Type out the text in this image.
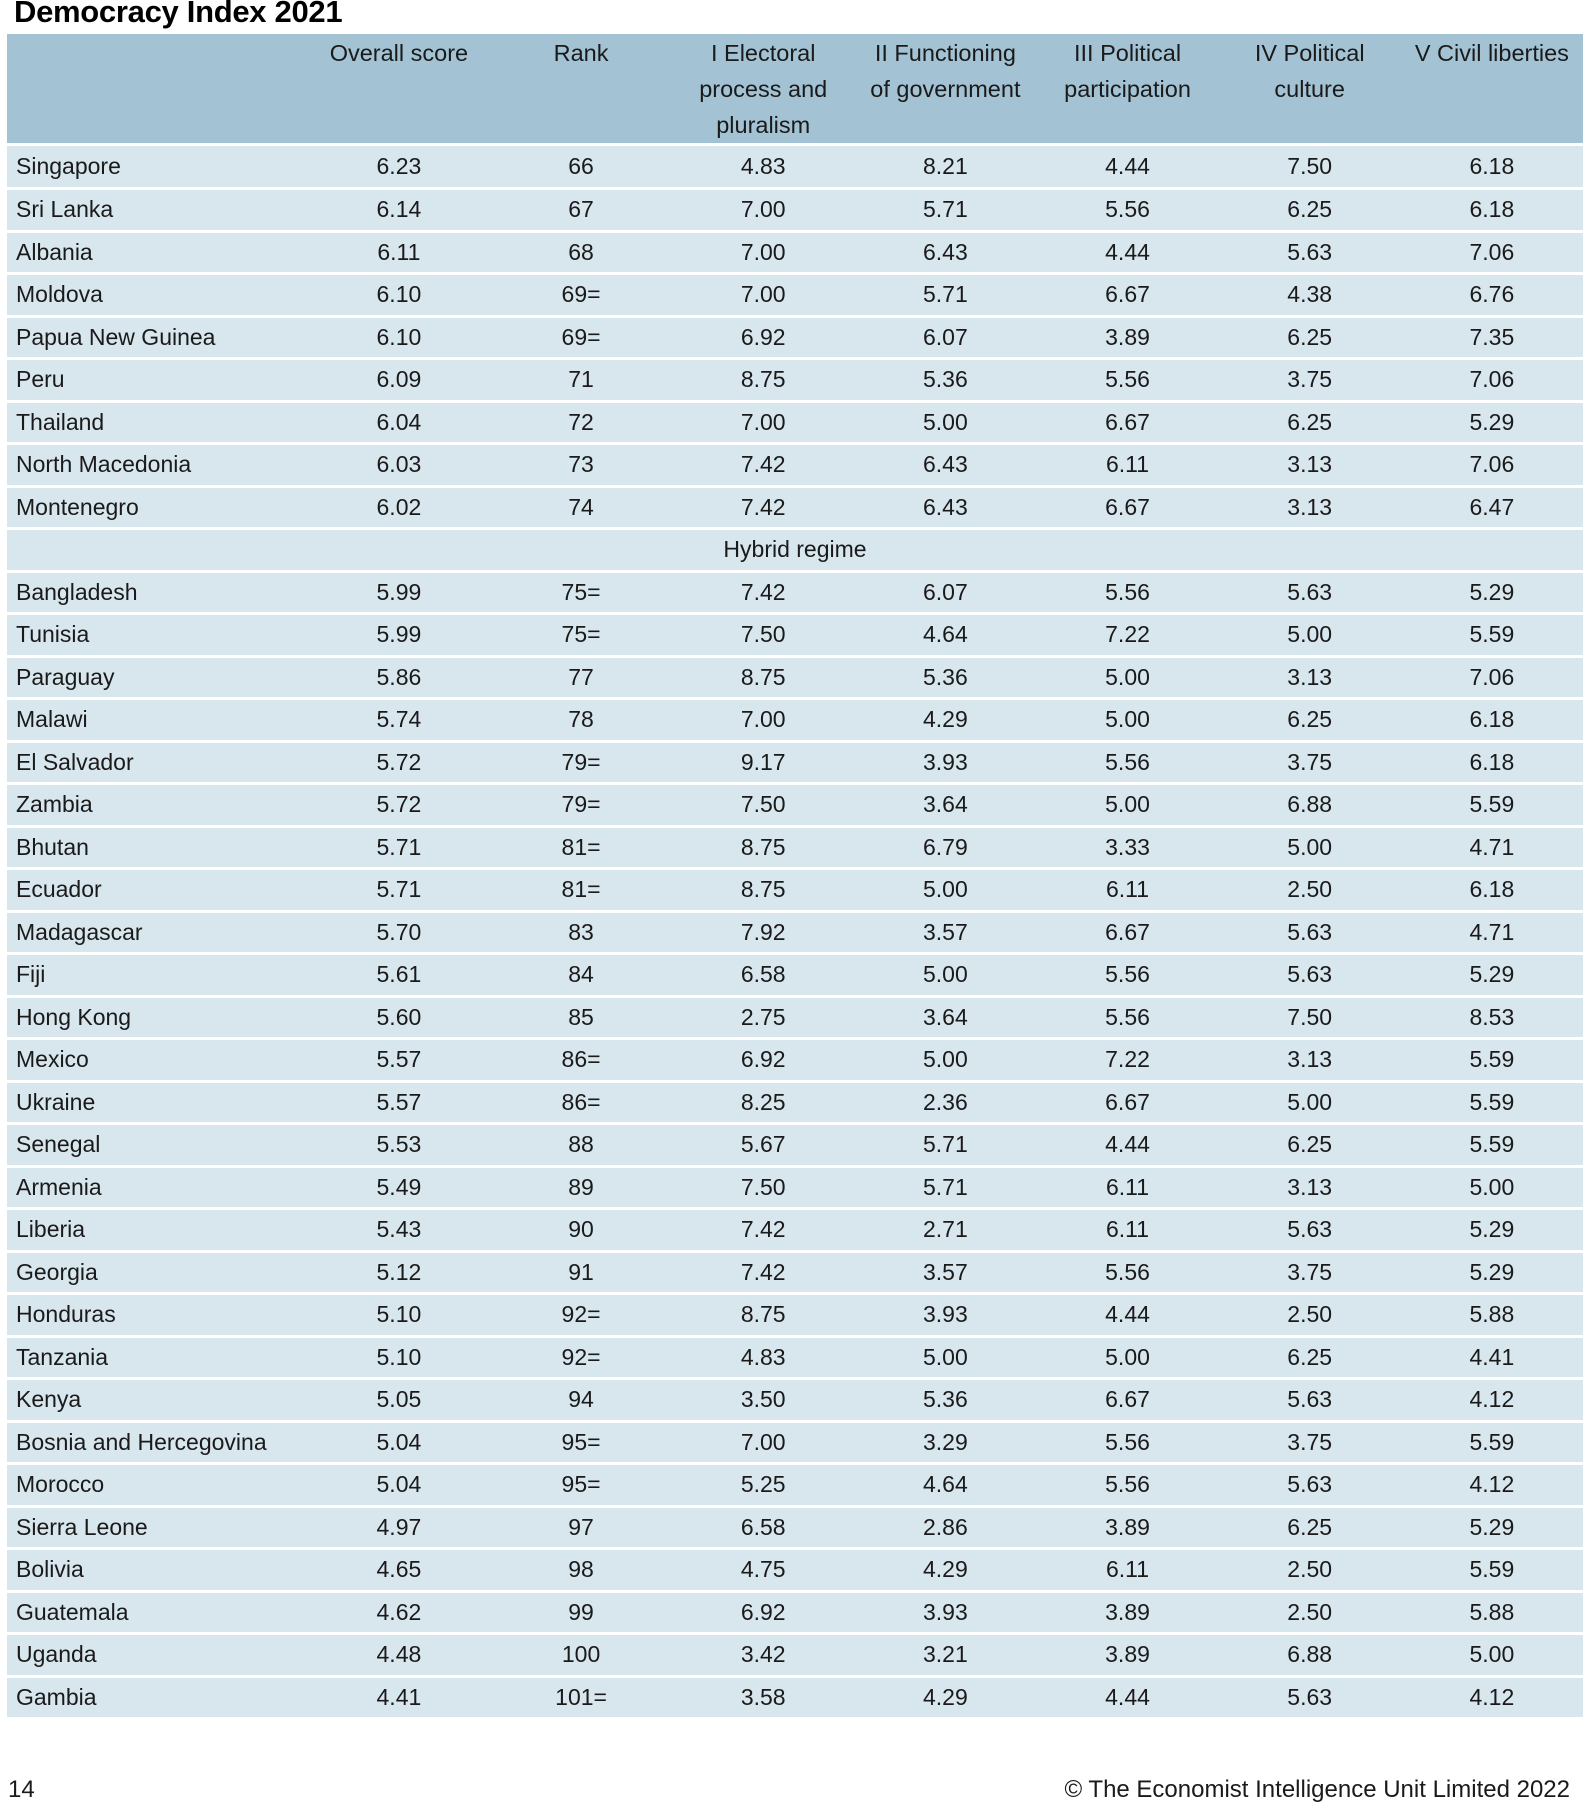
Democracy Index 2021

	Overall score	Rank	I Electoral process and pluralism	II Functioning of government	III Political participation	IV Political culture	V Civil liberties

Singapore	6.23	66	4.83	8.21	4.44	7.50	6.18
Sri Lanka	6.14	67	7.00	5.71	5.56	6.25	6.18
Albania	6.11	68	7.00	6.43	4.44	5.63	7.06
Moldova	6.10	69=	7.00	5.71	6.67	4.38	6.76
Papua New Guinea	6.10	69=	6.92	6.07	3.89	6.25	7.35
Peru	6.09	71	8.75	5.36	5.56	3.75	7.06
Thailand	6.04	72	7.00	5.00	6.67	6.25	5.29
North Macedonia	6.03	73	7.42	6.43	6.11	3.13	7.06
Montenegro	6.02	74	7.42	6.43	6.67	3.13	6.47
Hybrid regime							
Bangladesh	5.99	75=	7.42	6.07	5.56	5.63	5.29
Tunisia	5.99	75=	7.50	4.64	7.22	5.00	5.59
Paraguay	5.86	77	8.75	5.36	5.00	3.13	7.06
Malawi	5.74	78	7.00	4.29	5.00	6.25	6.18
El Salvador	5.72	79=	9.17	3.93	5.56	3.75	6.18
Zambia	5.72	79=	7.50	3.64	5.00	6.88	5.59
Bhutan	5.71	81=	8.75	6.79	3.33	5.00	4.71
Ecuador	5.71	81=	8.75	5.00	6.11	2.50	6.18
Madagascar	5.70	83	7.92	3.57	6.67	5.63	4.71
Fiji	5.61	84	6.58	5.00	5.56	5.63	5.29
Hong Kong	5.60	85	2.75	3.64	5.56	7.50	8.53
Mexico	5.57	86=	6.92	5.00	7.22	3.13	5.59
Ukraine	5.57	86=	8.25	2.36	6.67	5.00	5.59
Senegal	5.53	88	5.67	5.71	4.44	6.25	5.59
Armenia	5.49	89	7.50	5.71	6.11	3.13	5.00
Liberia	5.43	90	7.42	2.71	6.11	5.63	5.29
Georgia	5.12	91	7.42	3.57	5.56	3.75	5.29
Honduras	5.10	92=	8.75	3.93	4.44	2.50	5.88
Tanzania	5.10	92=	4.83	5.00	5.00	6.25	4.41
Kenya	5.05	94	3.50	5.36	6.67	5.63	4.12
Bosnia and Hercegovina	5.04	95=	7.00	3.29	5.56	3.75	5.59
Morocco	5.04	95=	5.25	4.64	5.56	5.63	4.12
Sierra Leone	4.97	97	6.58	2.86	3.89	6.25	5.29
Bolivia	4.65	98	4.75	4.29	6.11	2.50	5.59
Guatemala	4.62	99	6.92	3.93	3.89	2.50	5.88
Uganda	4.48	100	3.42	3.21	3.89	6.88	5.00
Gambia	4.41	101=	3.58	4.29	4.44	5.63	4.12
14	© The Economist Intelligence Unit Limited 2022
